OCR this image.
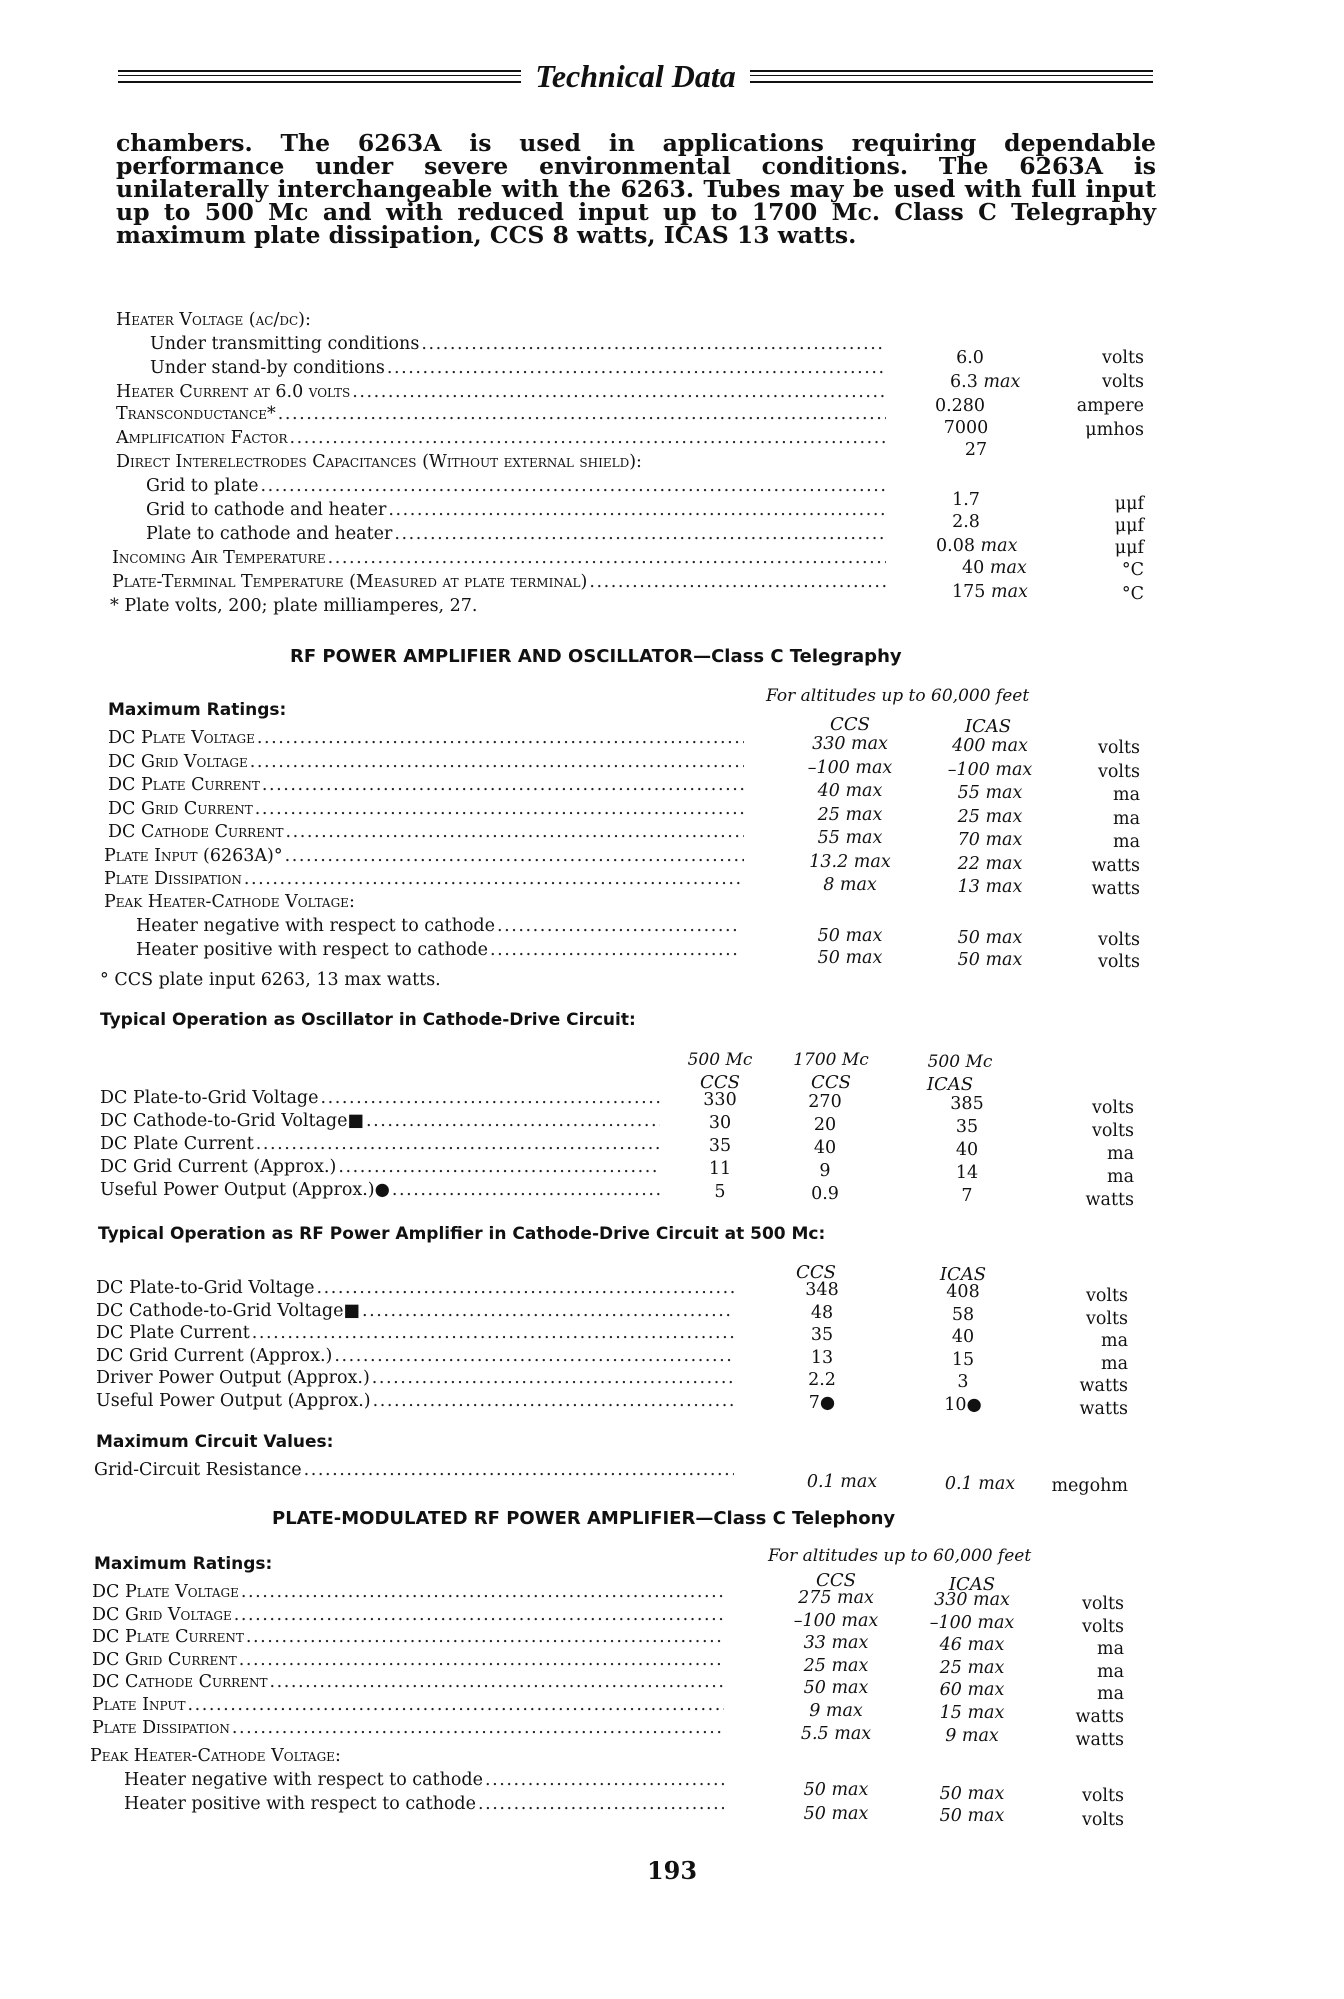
Technical Data
chambers. The 6263A is used in applications requiring dependable performance under severe environmental conditions. The 6263A is unilaterally interchangeable with the 6263. Tubes may be used with full input up to 500 Mc and with reduced input up to 1700 Mc. Class C Telegraphy maximum plate dissipation, CCS 8 watts, ICAS 13 watts.
Heater Voltage (ac/dc):
Under transmitting conditions
. . .
6.0	volts
Under stand-by conditions
. . .
6.3 max	volts
Heater Current at 6.0 volts
. . .
0.280	ampere
Transconductance*
. . .
7000	μmhos
Amplification Factor
. . .
27
Direct Interelectrodes Capacitances (Without external shield):
Grid to plate
. . .
1.7	μμf
Grid to cathode and heater
. . .
2.8	μμf
Plate to cathode and heater
. . .
0.08 max	μμf
Incoming Air Temperature . . .	40 max	°C
Plate-Terminal Temperature (Measured at plate terminal) . . .	175 max	°C
* Plate volts, 200; plate milliamperes, 27.
RF POWER AMPLIFIER AND OSCILLATOR—Class C Telegraphy
Maximum Ratings:
For altitudes up to 60,000 feet
CCS	ICAS
DC Plate Voltage . . .	330 max	400 max	volts
DC Grid Voltage . . .	–100 max	–100 max	volts
DC Plate Current . . .	40 max	55 max	ma
DC Grid Current . . .	25 max	25 max	ma
DC Cathode Current . . .	55 max	70 max	ma
Plate Input (6263A)° . . .	13.2 max	22 max	watts
Plate Dissipation . . .	8 max	13 max	watts
Peak Heater-Cathode Voltage:
Heater negative with respect to cathode . . .	50 max	50 max	volts
Heater positive with respect to cathode . . .	50 max	50 max	volts
° CCS plate input 6263, 13 max watts.
Typical Operation as Oscillator in Cathode-Drive Circuit:
500 Mc	1700 Mc	500 Mc
CCS	CCS	ICAS
DC Plate-to-Grid Voltage . . .	330	270	385	volts
DC Cathode-to-Grid Voltage■ . . .	30	20	35	volts
DC Plate Current . . .	35	40	40	ma
DC Grid Current (Approx.) . . .	11	9	14	ma
Useful Power Output (Approx.)● . . .	5	0.9	7	watts
Typical Operation as RF Power Amplifier in Cathode-Drive Circuit at 500 Mc:
CCS	ICAS
DC Plate-to-Grid Voltage . . .	348	408	volts
DC Cathode-to-Grid Voltage■ . . .	48	58	volts
DC Plate Current . . .	35	40	ma
DC Grid Current (Approx.) . . .	13	15	ma
Driver Power Output (Approx.) . . .	2.2	3	watts
Useful Power Output (Approx.) . . .	7●	10●	watts
Maximum Circuit Values:
Grid-Circuit Resistance
. . .
0.1 max	0.1 max	megohm
PLATE-MODULATED RF POWER AMPLIFIER—Class C Telephony
Maximum Ratings:	For altitudes up to 60,000 feet
CCS	ICAS
DC Plate Voltage . . .	275 max	330 max	volts
DC Grid Voltage . . .	–100 max	–100 max	volts
DC Plate Current . . .	33 max	46 max	ma
DC Grid Current . . .	25 max	25 max	ma
DC Cathode Current . . .	50 max	60 max	ma
Plate Input . . .	9 max	15 max	watts
Plate Dissipation . . .	5.5 max	9 max	watts
Peak Heater-Cathode Voltage:
Heater negative with respect to cathode . . .	50 max	50 max	volts
Heater positive with respect to cathode . . .	50 max	50 max	volts
193
